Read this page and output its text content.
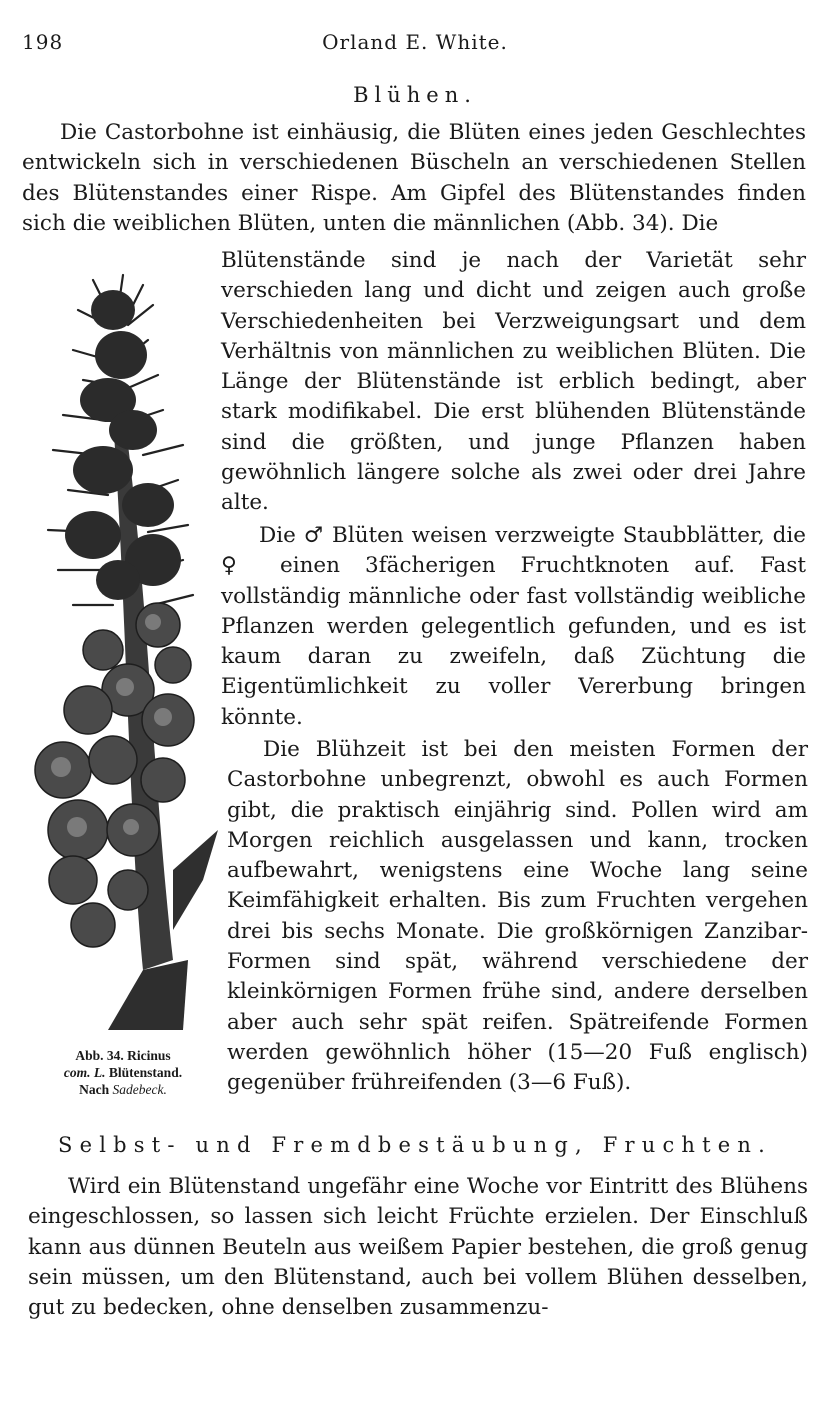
198	Orland E. White.
Blühen.

Die Castorbohne ist einhäusig, die Blüten eines jeden Geschlechtes entwickeln sich in verschiedenen Büscheln an verschiedenen Stellen des Blütenstandes einer Rispe. Am Gipfel des Blütenstandes finden sich die weiblichen Blüten, unten die männlichen (Abb. 34). Die

Blütenstände sind je nach der Varietät sehr verschieden lang und dicht und zeigen auch große Verschiedenheiten bei Verzweigungsart und dem Verhältnis von männlichen zu weiblichen Blüten. Die Länge der Blütenstände ist erblich bedingt, aber stark modifikabel. Die erst blühenden Blütenstände sind die größten, und junge Pflanzen haben gewöhnlich längere solche als zwei oder drei Jahre alte.

Die ♂ Blüten weisen verzweigte Staubblätter, die ♀ einen 3fächerigen Fruchtknoten auf. Fast vollständig männliche oder fast vollständig weibliche Pflanzen werden gelegentlich gefunden, und es ist kaum daran zu zweifeln, daß Züchtung die Eigentümlichkeit zu voller Vererbung bringen könnte.

Die Blühzeit ist bei den meisten Formen der Castorbohne unbegrenzt, obwohl es auch Formen gibt, die praktisch einjährig sind. Pollen wird am Morgen reichlich ausgelassen und kann, trocken aufbewahrt, wenigstens eine Woche lang seine Keimfähigkeit erhalten. Bis zum Fruchten vergehen drei bis sechs Monate. Die großkörnigen Zanzibar-Formen sind spät, während verschiedene der kleinkörnigen Formen frühe sind, andere derselben aber auch sehr spät reifen. Spätreifende Formen werden gewöhnlich höher (15—20 Fuß englisch) gegenüber frühreifenden (3—6 Fuß).

Abb. 34. Ricinus
com. L. Blütenstand.
Nach Sadebeck.
Selbst- und Fremdbestäubung, Fruchten.

Wird ein Blütenstand ungefähr eine Woche vor Eintritt des Blühens eingeschlossen, so lassen sich leicht Früchte erzielen. Der Einschluß kann aus dünnen Beuteln aus weißem Papier bestehen, die groß genug sein müssen, um den Blütenstand, auch bei vollem Blühen desselben, gut zu bedecken, ohne denselben zusammenzu-
